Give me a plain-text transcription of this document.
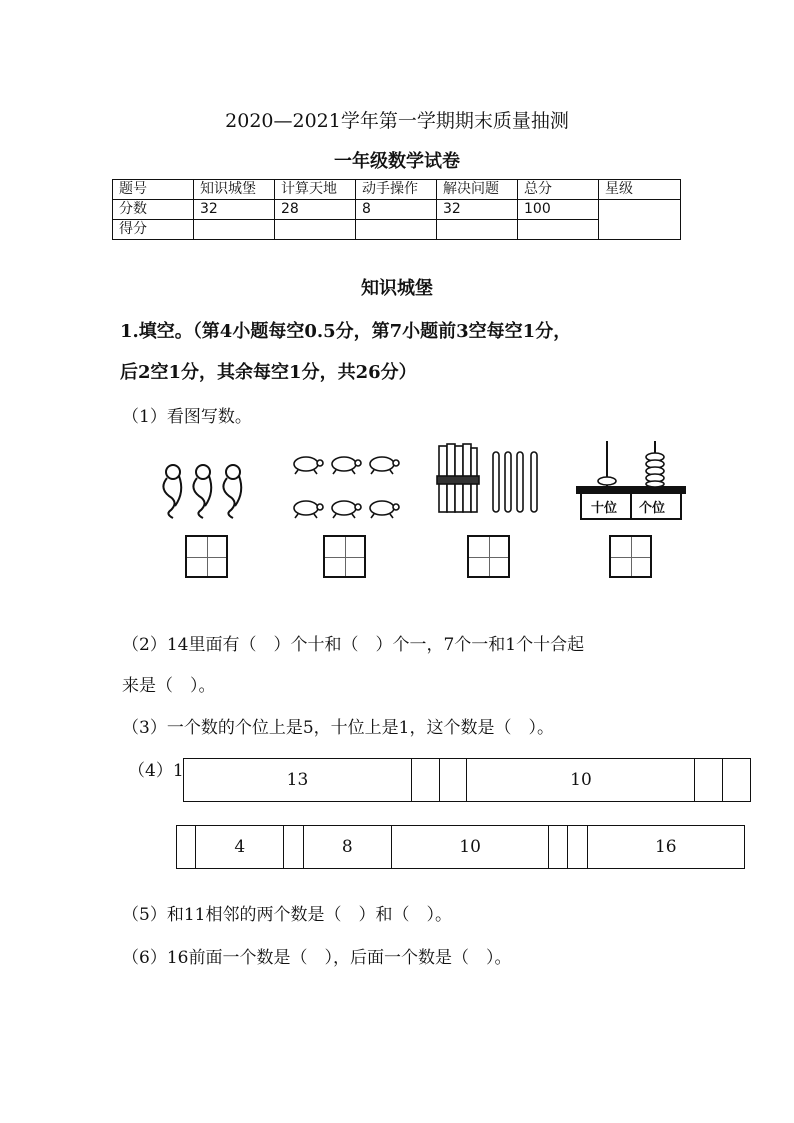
2020—2021学年第一学期期末质量抽测
一年级数学试卷
题号	知识城堡	计算天地	动手操作	解决问题	总分	星级
分数	32	28	8	32	100	
得分						
知识城堡
1.填空。（第4小题每空0.5分，第7小题前3空每空1分，
后2空1分，其余每空1分，共26分）
（1）看图写数。
十位 个位
（2）14里面有（　）个十和（　）个一，7个一和1个十合起
来是（　）。
（3）一个数的个位上是5，十位上是1，这个数是（　）。
（4）1	13			10		
	4		8	10			16
（5）和11相邻的两个数是（　）和（　）。
（6）16前面一个数是（　），后面一个数是（　）。
